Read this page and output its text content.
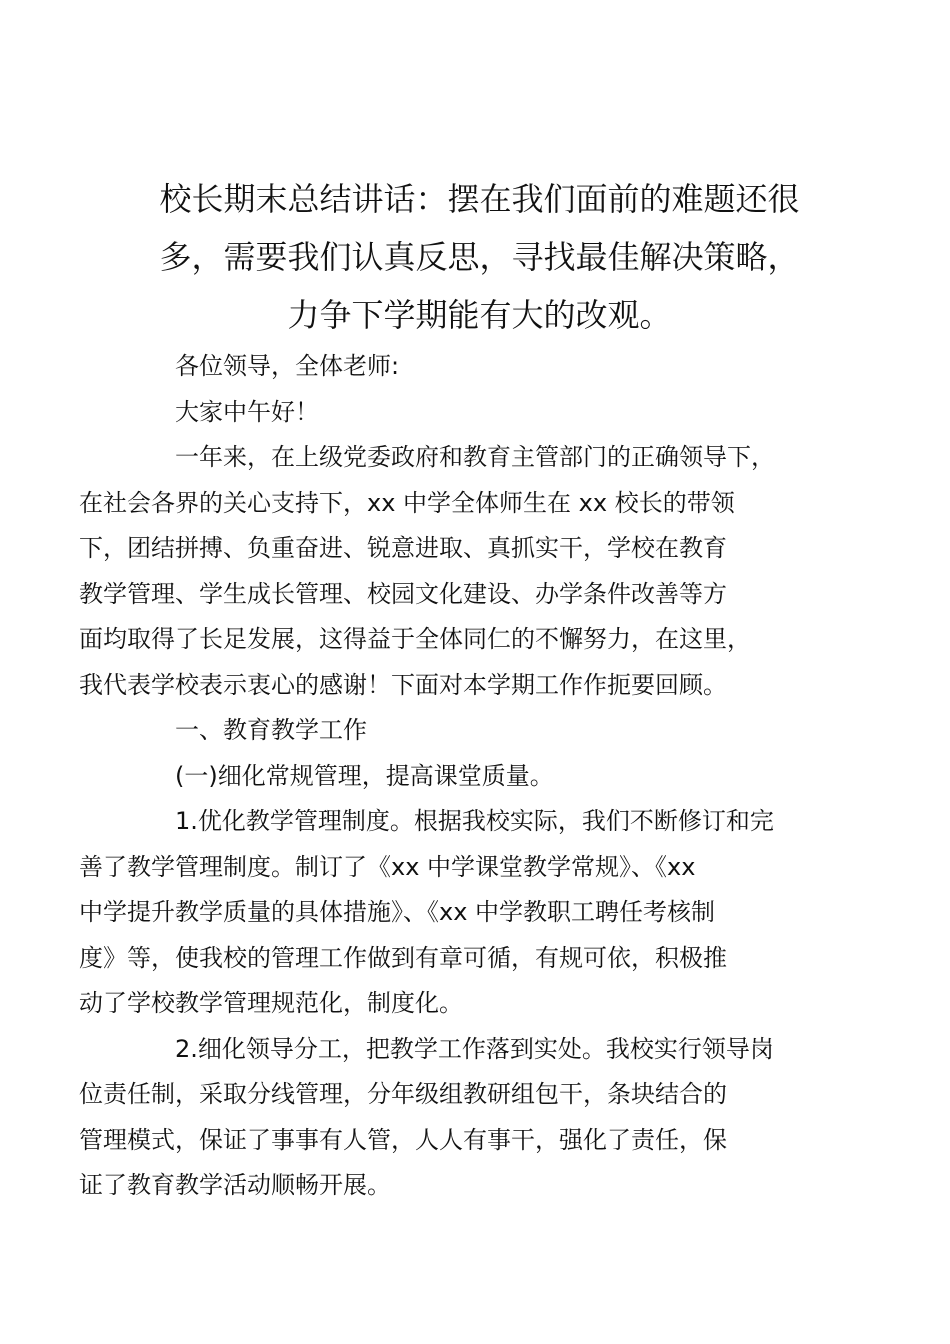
校长期末总结讲话：摆在我们面前的难题还很
多，需要我们认真反思，寻找最佳解决策略，
力争下学期能有大的改观。

各位领导，全体老师:

大家中午好！

一年来，在上级党委政府和教育主管部门的正确领导下，
在社会各界的关心支持下，xx 中学全体师生在 xx 校长的带领
下，团结拼搏、负重奋进、锐意进取、真抓实干，学校在教育
教学管理、学生成长管理、校园文化建设、办学条件改善等方
面均取得了长足发展，这得益于全体同仁的不懈努力，在这里，
我代表学校表示衷心的感谢！下面对本学期工作作扼要回顾。

一、教育教学工作

(一)细化常规管理，提高课堂质量。

1.优化教学管理制度。根据我校实际，我们不断修订和完
善了教学管理制度。制订了《xx 中学课堂教学常规》、《xx
中学提升教学质量的具体措施》、《xx 中学教职工聘任考核制
度》等，使我校的管理工作做到有章可循，有规可依，积极推
动了学校教学管理规范化，制度化。

2.细化领导分工，把教学工作落到实处。我校实行领导岗
位责任制，采取分线管理，分年级组教研组包干，条块结合的
管理模式，保证了事事有人管，人人有事干，强化了责任，保
证了教育教学活动顺畅开展。
